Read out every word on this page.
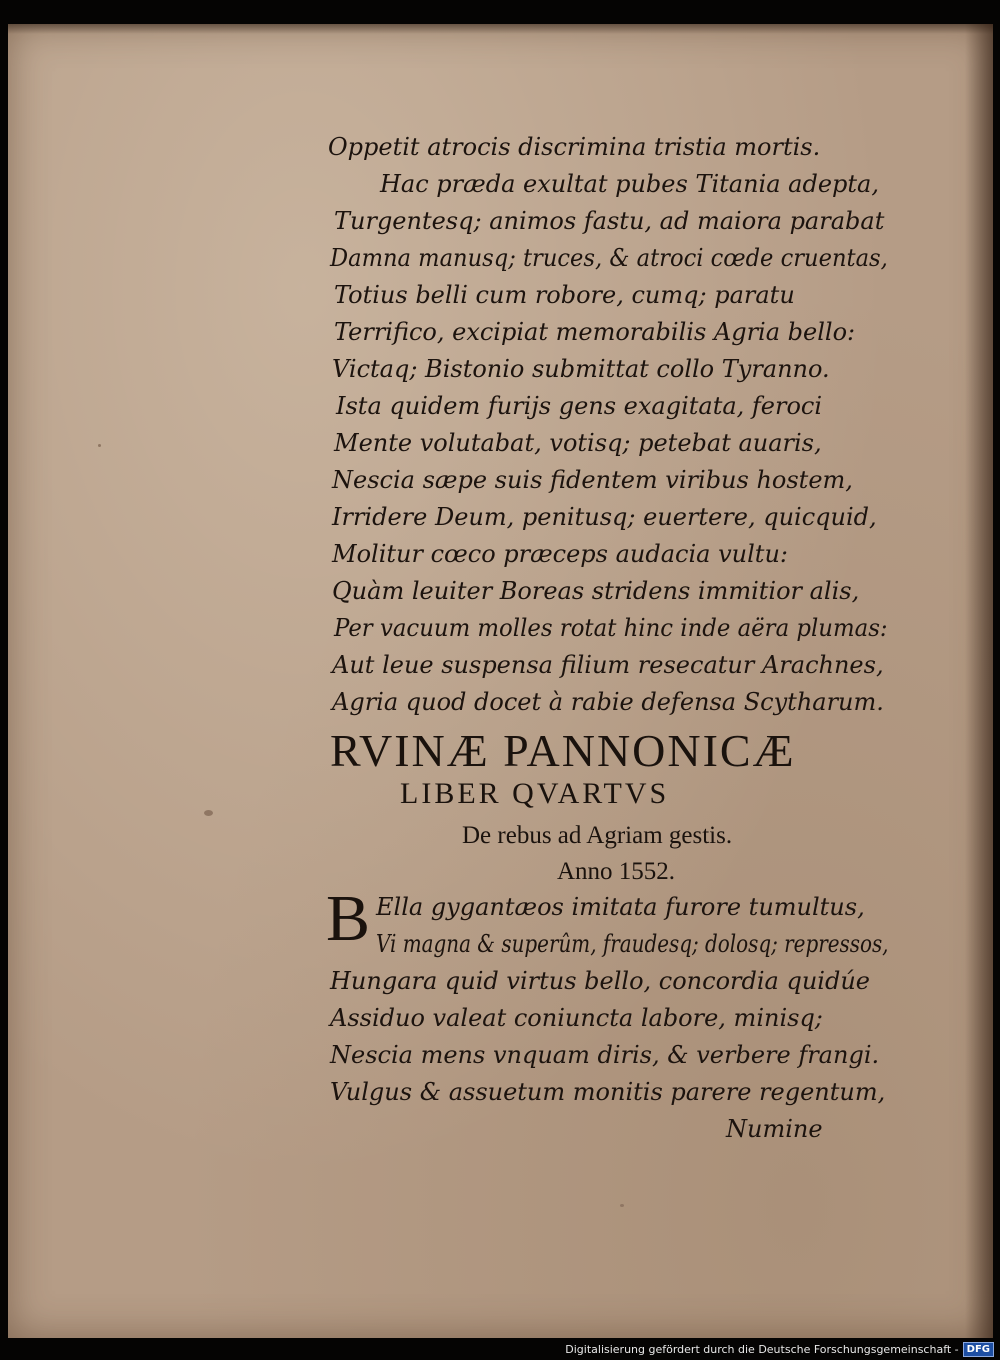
Oppetit atrocis discrimina tristia mortis.
Hac præda exultat pubes Titania adepta,
Turgentesq; animos fastu, ad maiora parabat
Damna manusq; truces, & atroci cœde cruentas,
Totius belli cum robore, cumq; paratu
Terrifico, excipiat memorabilis Agria bello:
Victaq; Bistonio submittat collo Tyranno.
Ista quidem furijs gens exagitata, feroci
Mente volutabat, votisq; petebat auaris,
Nescia sæpe suis fidentem viribus hostem,
Irridere Deum, penitusq; euertere, quicquid,
Molitur cœco præceps audacia vultu:
Quàm leuiter Boreas stridens immitior alis,
Per vacuum molles rotat hinc inde aëra plumas:
Aut leue suspensa filium resecatur Arachnes,
Agria quod docet à rabie defensa Scytharum.
RVINÆ PANNONICÆ
LIBER QVARTVS
De rebus ad Agriam gestis.
Anno 1552.
B Ella gygantæos imitata furore tumultus,
Vi magna & superûm, fraudesq; dolosq; repressos,
Hungara quid virtus bello, concordia quidúe
Assiduo valeat coniuncta labore, minisq;
Nescia mens vnquam diris, & verbere frangi.
Vulgus & assuetum monitis parere regentum,
Numine
Digitalisierung gefördert durch die Deutsche Forschungsgemeinschaft - DFG
